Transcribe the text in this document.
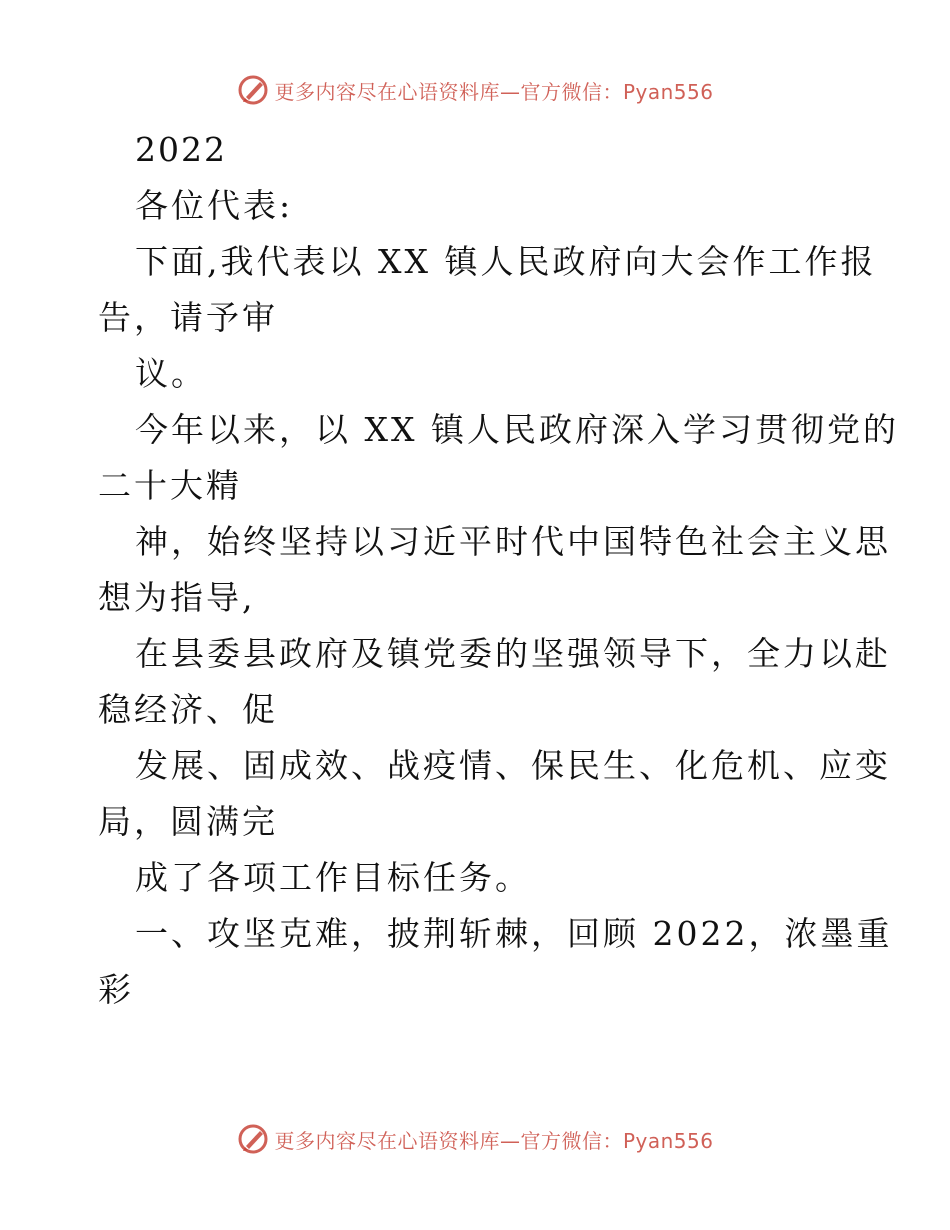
更多内容尽在心语资料库—官方微信：Pyan556
2022
各位代表:
下面,我代表以 XX 镇人民政府向大会作工作报
告，请予审
议。
今年以来，以 XX 镇人民政府深入学习贯彻党的
二十大精
神，始终坚持以习近平时代中国特色社会主义思
想为指导,
在县委县政府及镇党委的坚强领导下，全力以赴
稳经济、促
发展、固成效、战疫情、保民生、化危机、应变
局，圆满完
成了各项工作目标任务。
一、攻坚克难，披荆斩棘，回顾 2022，浓墨重
彩
更多内容尽在心语资料库—官方微信：Pyan556
